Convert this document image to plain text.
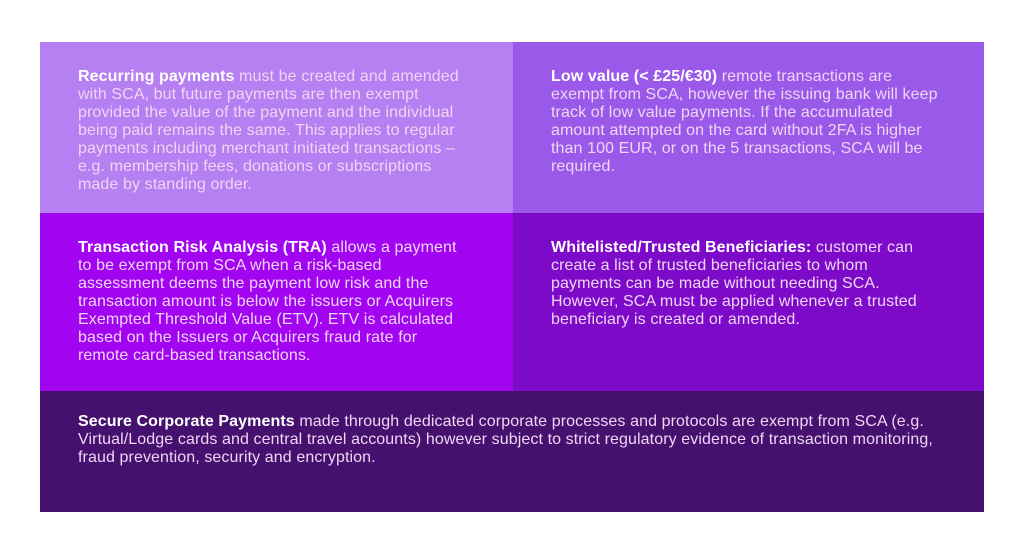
Recurring payments must be created and amended with SCA, but future payments are then exempt provided the value of the payment and the individual being paid remains the same. This applies to regular payments including merchant initiated transactions – e.g. membership fees, donations or subscriptions made by standing order.

Low value (< £25/€30) remote transactions are exempt from SCA, however the issuing bank will keep track of low value payments. If the accumulated amount attempted on the card without 2FA is higher than 100 EUR, or on the 5 transactions, SCA will be required.

Transaction Risk Analysis (TRA) allows a payment to be exempt from SCA when a risk-based assessment deems the payment low risk and the transaction amount is below the issuers or Acquirers Exempted Threshold Value (ETV). ETV is calculated based on the Issuers or Acquirers fraud rate for remote card-based transactions.

Whitelisted/Trusted Beneficiaries: customer can create a list of trusted beneficiaries to whom payments can be made without needing SCA. However, SCA must be applied whenever a trusted beneficiary is created or amended.

Secure Corporate Payments made through dedicated corporate processes and protocols are exempt from SCA (e.g. Virtual/Lodge cards and central travel accounts) however subject to strict regulatory evidence of transaction monitoring, fraud prevention, security and encryption.
